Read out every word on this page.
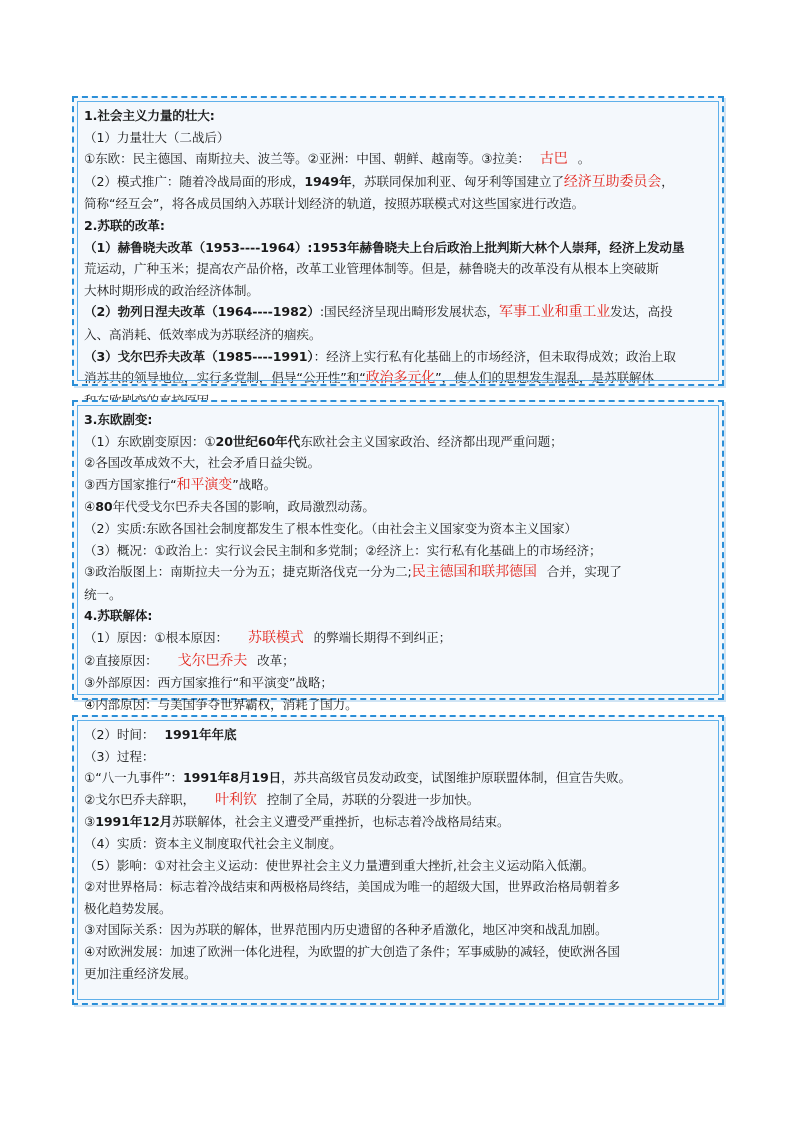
1.社会主义力量的壮大:
（1）力量壮大（二战后）
①东欧：民主德国、南斯拉夫、波兰等。②亚洲：中国、朝鲜、越南等。③拉美： 古巴 。
（2）模式推广：随着冷战局面的形成，1949年，苏联同保加利亚、匈牙利等国建立了经济互助委员会，
简称“经互会”，将各成员国纳入苏联计划经济的轨道，按照苏联模式对这些国家进行改造。
2.苏联的改革:
（1）赫鲁晓夫改革（1953----1964）:1953年赫鲁晓夫上台后政治上批判斯大林个人崇拜，经济上发动垦
荒运动，广种玉米；提高农产品价格，改革工业管理体制等。但是，赫鲁晓夫的改革没有从根本上突破斯
大林时期形成的政治经济体制。
（2）勃列日涅夫改革（1964----1982）:国民经济呈现出畸形发展状态，军事工业和重工业发达，高投
入、高消耗、低效率成为苏联经济的痼疾。
（3）戈尔巴乔夫改革（1985----1991）：经济上实行私有化基础上的市场经济，但未取得成效；政治上取
消苏共的领导地位，实行多党制，倡导“公开性”和“政治多元化”，使人们的思想发生混乱，是苏联解体
3.东欧剧变:
（1）东欧剧变原因：①20世纪60年代东欧社会主义国家政治、经济都出现严重问题；
②各国改革成效不大，社会矛盾日益尖锐。
③西方国家推行“和平演变”战略。
④80年代受戈尔巴乔夫各国的影响，政局激烈动荡。
（2）实质:东欧各国社会制度都发生了根本性变化。（由社会主义国家变为资本主义国家）
（3）概况：①政治上：实行议会民主制和多党制；②经济上：实行私有化基础上的市场经济；
③政治版图上：南斯拉夫一分为五；捷克斯洛伐克一分为二;民主德国和联邦德国 合并，实现了
统一。
4.苏联解体:
（1）原因：①根本原因： 苏联模式 的弊端长期得不到纠正；
②直接原因： 戈尔巴乔夫 改革；
③外部原因：西方国家推行“和平演变”战略；
④内部原因：与美国争夺世界霸权，消耗了国力。
（2）时间： 1991年年底
（3）过程：
①“八一九事件”：1991年8月19日，苏共高级官员发动政变，试图维护原联盟体制，但宣告失败。
②戈尔巴乔夫辞职， 叶利钦 控制了全局，苏联的分裂进一步加快。
③1991年12月苏联解体，社会主义遭受严重挫折，也标志着冷战格局结束。
（4）实质：资本主义制度取代社会主义制度。
（5）影响：①对社会主义运动：使世界社会主义力量遭到重大挫折,社会主义运动陷入低潮。
②对世界格局：标志着冷战结束和两极格局终结，美国成为唯一的超级大国，世界政治格局朝着多
极化趋势发展。
③对国际关系：因为苏联的解体，世界范围内历史遗留的各种矛盾激化，地区冲突和战乱加剧。
④对欧洲发展：加速了欧洲一体化进程，为欧盟的扩大创造了条件；军事威胁的减轻，使欧洲各国
更加注重经济发展。
